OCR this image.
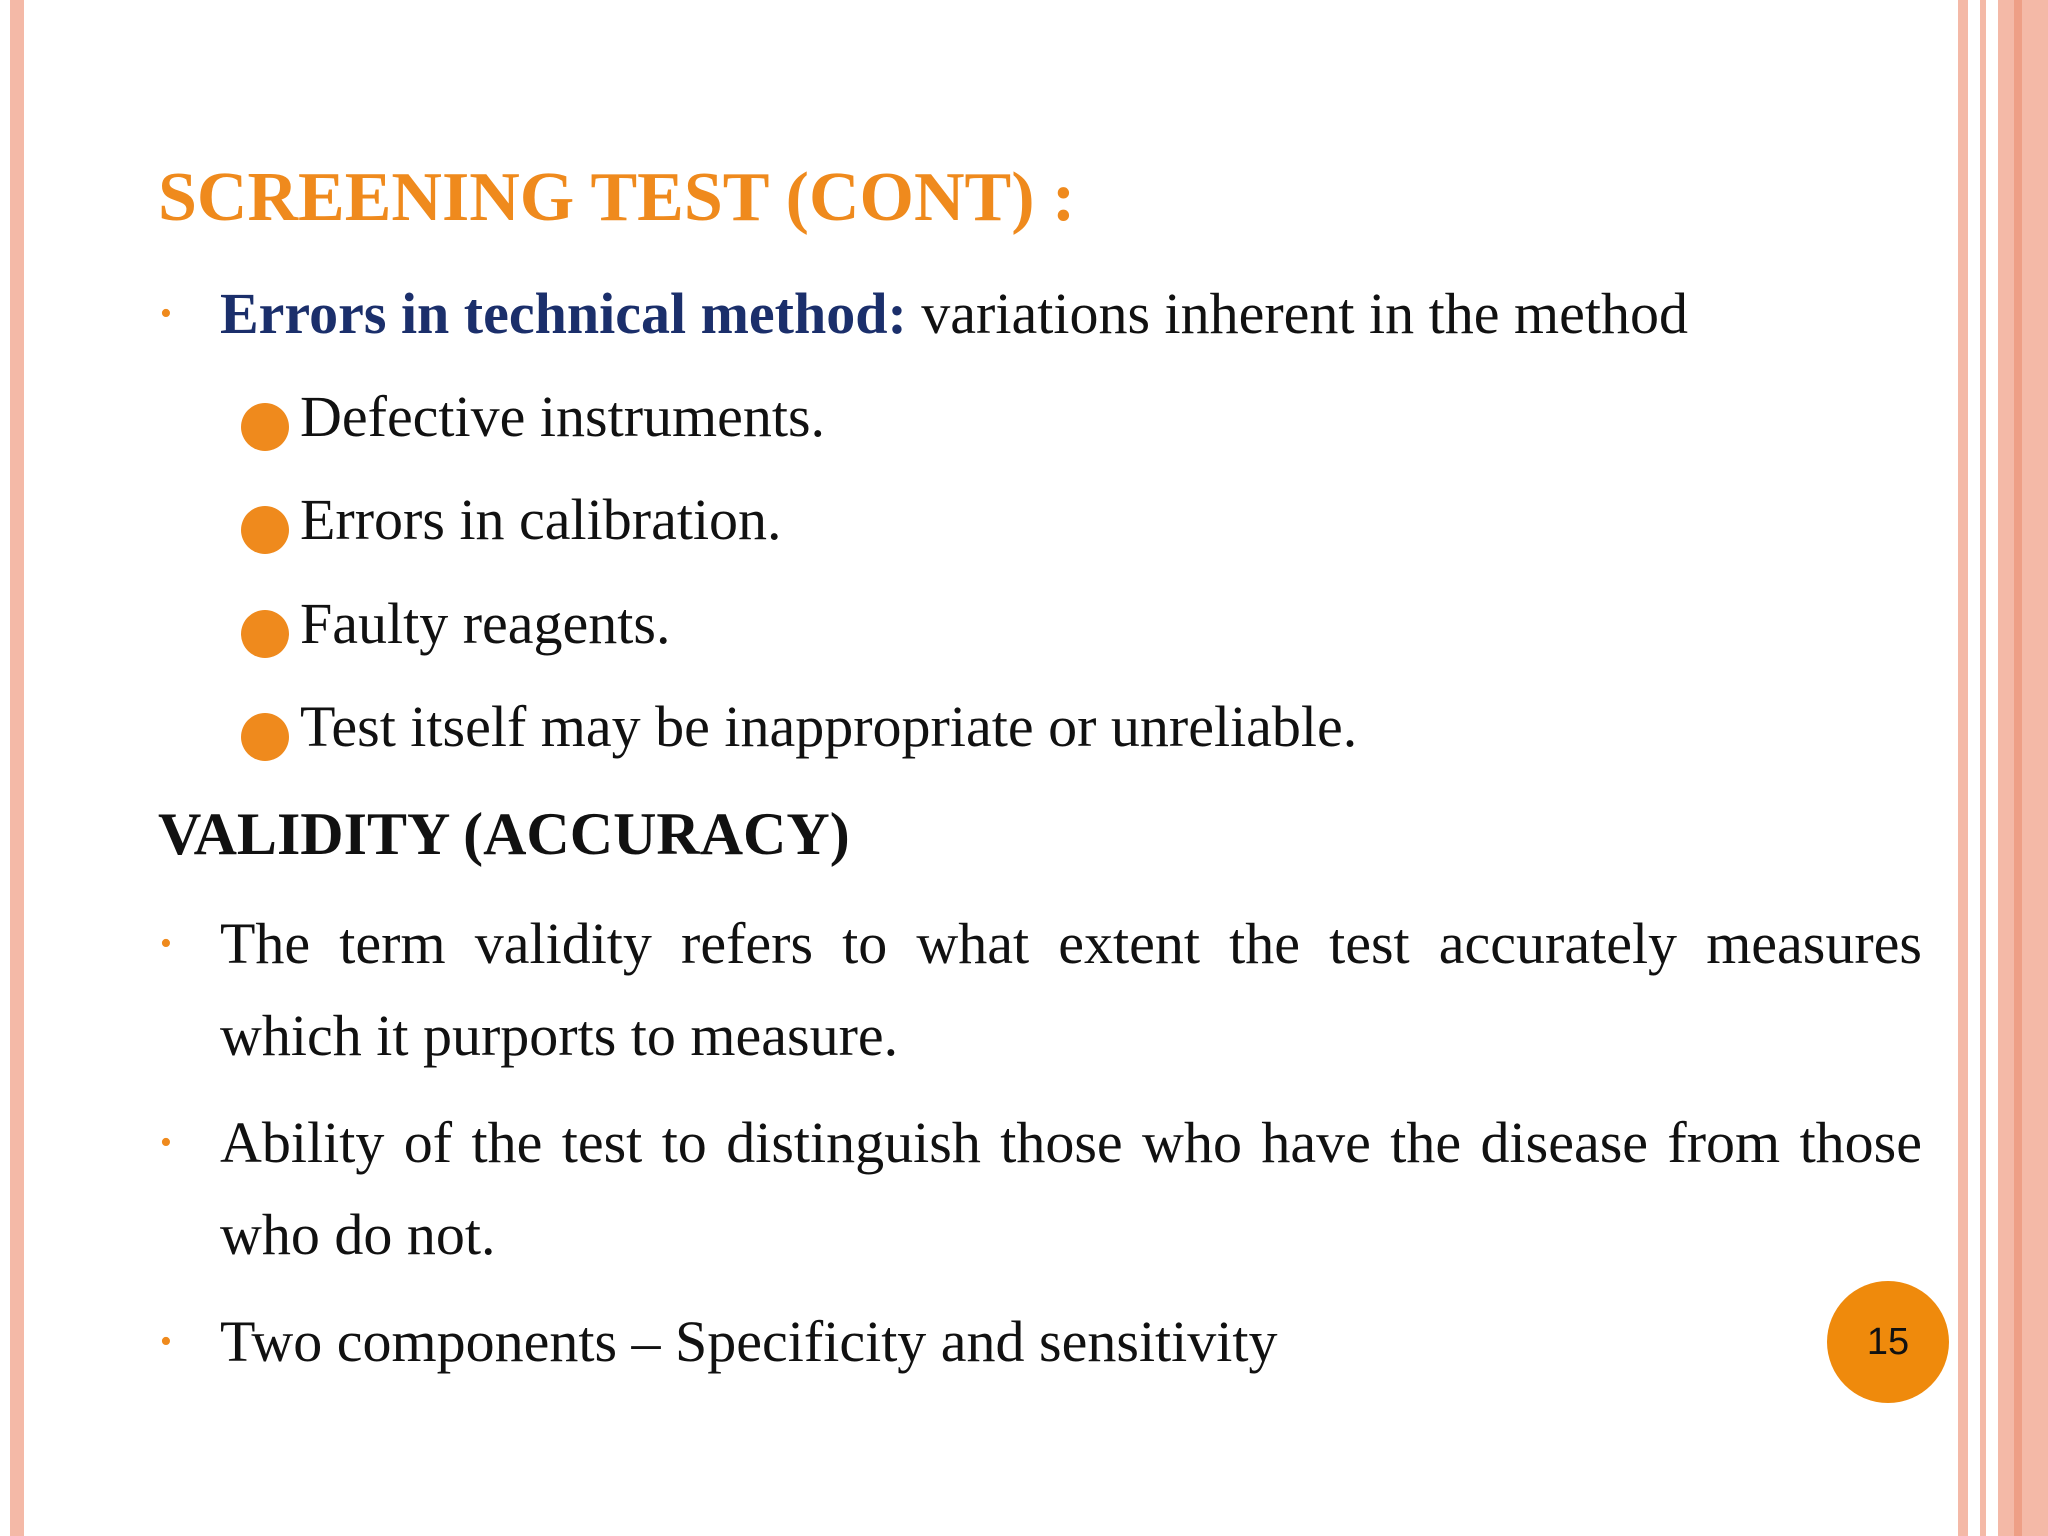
SCREENING TEST (CONT) :
• Errors in technical method: variations inherent in the method
Defective instruments.
Errors in calibration.
Faulty reagents.
Test itself may be inappropriate or unreliable.
VALIDITY (ACCURACY)
• The term validity refers to what extent the test accurately measures which it purports to measure.
• Ability of the test to distinguish those who have the disease from those who do not.
• Two components – Specificity and sensitivity	15
